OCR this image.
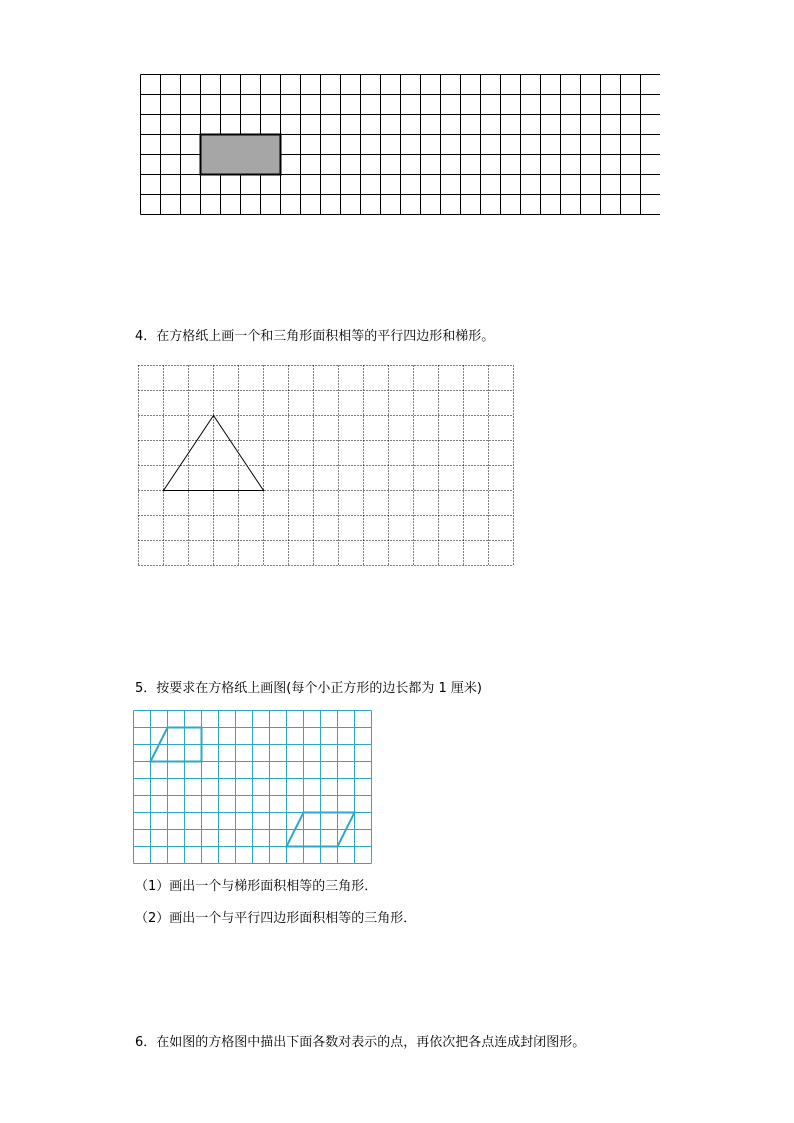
4．在方格纸上画一个和三角形面积相等的平行四边形和梯形。
5．按要求在方格纸上画图(每个小正方形的边长都为 1 厘米)
（1）画出一个与梯形面积相等的三角形．
（2）画出一个与平行四边形面积相等的三角形．
6．在如图的方格图中描出下面各数对表示的点，再依次把各点连成封闭图形。
